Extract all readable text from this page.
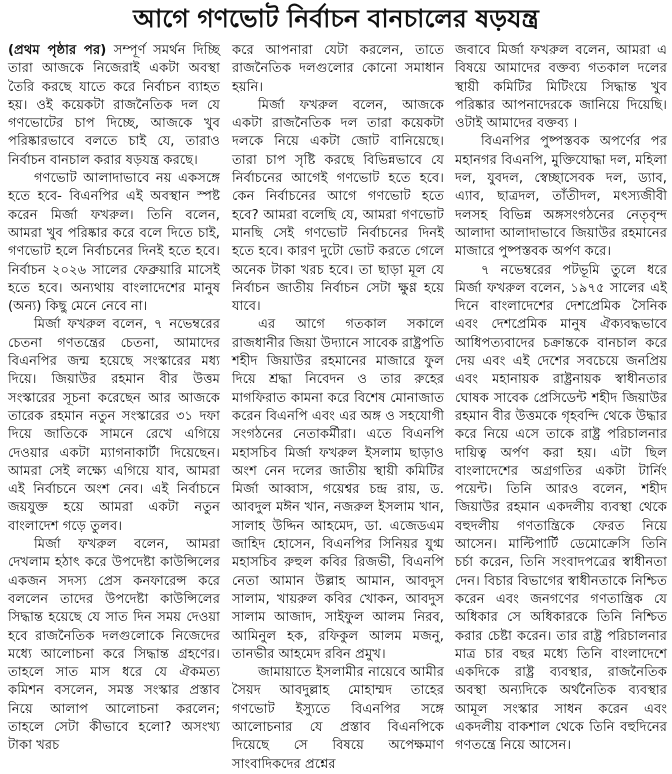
আগে গণভোট নির্বাচন বানচালের ষড়যন্ত্র

(প্রথম পৃষ্ঠার পর) সম্পূর্ণ সমর্থন দিচ্ছি তারা আজকে নিজেরাই একটা অবস্থা তৈরি করছে যাতে করে নির্বাচন ব্যাহত হয়। ওই কয়েকটা রাজনৈতিক দল যে গণভোটের চাপ দিচ্ছে, আজকে খুব পরিষ্কারভাবে বলতে চাই যে, তারাও নির্বাচন বানচাল করার ষড়যন্ত্র করছে।

গণভোট আলাদাভাবে নয় একসঙ্গে হতে হবে- বিএনপির এই অবস্থান স্পষ্ট করেন মির্জা ফখরুল। তিনি বলেন, আমরা খুব পরিষ্কার করে বলে দিতে চাই, গণভোট হলে নির্বাচনের দিনই হতে হবে। নির্বাচন ২০২৬ সালের ফেব্রুয়ারি মাসেই হতে হবে। অন্যথায় বাংলাদেশের মানুষ (অন্য) কিছু মেনে নেবে না।

মির্জা ফখরুল বলেন, ৭ নভেম্বরের চেতনা গণতন্ত্রের চেতনা, আমাদের বিএনপির জন্ম হয়েছে সংস্কারের মধ্য দিয়ে। জিয়াউর রহমান বীর উত্তম সংস্কারের সূচনা করেছেন আর আজকে তারেক রহমান নতুন সংস্কারের ৩১ দফা দিয়ে জাতিকে সামনে রেখে এগিয়ে দেওয়ার একটা ম্যাগনাকার্টা দিয়েছেন। আমরা সেই লক্ষ্যে এগিয়ে যাব, আমরা এই নির্বাচনে অংশ নেব। এই নির্বাচনে জয়যুক্ত হয়ে আমরা একটা নতুন বাংলাদেশ গড়ে তুলব।

মির্জা ফখরুল বলেন, আমরা দেখলাম হঠাৎ করে উপদেষ্টা কাউন্সিলের একজন সদস্য প্রেস কনফারেন্স করে বললেন তাদের উপদেষ্টা কাউন্সিলের সিদ্ধান্ত হয়েছে যে সাত দিন সময় দেওয়া হবে রাজনৈতিক দলগুলোকে নিজেদের মধ্যে আলোচনা করে সিদ্ধান্ত গ্রহণের। তাহলে সাত মাস ধরে যে ঐকমত্য কমিশন বসলেন, সমস্ত সংস্কার প্রস্তাব নিয়ে আলাপ আলোচনা করলেন; তাহলে সেটা কীভাবে হলো? অসংখ্য টাকা খরচ

করে আপনারা যেটা করলেন, তাতে রাজনৈতিক দলগুলোর কোনো সমাধান হয়নি।

মির্জা ফখরুল বলেন, আজকে একটা রাজনৈতিক দল তারা কয়েকটা দলকে নিয়ে একটা জোট বানিয়েছে। তারা চাপ সৃষ্টি করছে বিভিন্নভাবে যে নির্বাচনের আগেই গণভোট হতে হবে। কেন নির্বাচনের আগে গণভোট হতে হবে? আমরা বলেছি যে, আমরা গণভোট মানছি সেই গণভোট নির্বাচনের দিনই হতে হবে। কারণ দুটো ভোট করতে গেলে অনেক টাকা খরচ হবে। তা ছাড়া মূল যে নির্বাচন জাতীয় নির্বাচন সেটা ক্ষুণ্ণ হয়ে যাবে।

এর আগে গতকাল সকালে রাজধানীর জিয়া উদ্যানে সাবেক রাষ্ট্রপতি শহীদ জিয়াউর রহমানের মাজারে ফুল দিয়ে শ্রদ্ধা নিবেদন ও তার রুহের মাগফিরাত কামনা করে বিশেষ মোনাজাত করেন বিএনপি এবং এর অঙ্গ ও সহযোগী সংগঠনের নেতাকর্মীরা। এতে বিএনপি মহাসচিব মির্জা ফখরুল ইসলাম ছাড়াও অংশ নেন দলের জাতীয় স্থায়ী কমিটির মির্জা আব্বাস, গয়েশ্বর চন্দ্র রায়, ড. আবদুল মঈন খান, নজরুল ইসলাম খান, সালাহ উদ্দিন আহমেদ, ডা. এজেডএম জাহিদ হোসেন, বিএনপির সিনিয়র যুগ্ম মহাসচিব রুহুল কবির রিজভী, বিএনপি নেতা আমান উল্লাহ আমান, আবদুস সালাম, খায়রুল কবির খোকন, আবদুস সালাম আজাদ, সাইফুল আলম নিরব, আমিনুল হক, রফিকুল আলম মজনু, তানভীর আহমেদ রবিন প্রমুখ।

জামায়াতে ইসলামীর নায়েবে আমীর সৈয়দ আবদুল্লাহ মোহাম্মদ তাহের গণভোট ইস্যুতে বিএনপির সঙ্গে আলোচনার যে প্রস্তাব বিএনপিকে দিয়েছে সে বিষয়ে অপেক্ষমাণ সাংবাদিকদের প্রশ্নের

জবাবে মির্জা ফখরুল বলেন, আমরা এ বিষয়ে আমাদের বক্তব্য গতকাল দলের স্থায়ী কমিটির মিটিংয়ে সিদ্ধান্ত খুব পরিষ্কার আপনাদেরকে জানিয়ে দিয়েছি। ওটাই আমাদের বক্তব্য ।

বিএনপির পুষ্পস্তবক অপর্ণের পর মহানগর বিএনপি, মুক্তিযোদ্ধা দল, মহিলা দল, যুবদল, স্বেচ্ছাসেবক দল, ড্যাব, এ্যাব, ছাত্রদল, তাঁতীদল, মৎস্যজীবী দলসহ বিভিন্ন অঙ্গসংগঠনের নেতৃবৃন্দ আলাদা আলাদাভাবে জিয়াউর রহমানের মাজারে পুষ্পস্তবক অর্পণ করে।

৭ নভেম্বরের পটভূমি তুলে ধরে মির্জা ফখরুল বলেন, ১৯৭৫ সালের এই দিনে বাংলাদেশের দেশপ্রেমিক সৈনিক এবং দেশপ্রেমিক মানুষ ঐক্যবদ্ধভাবে আধিপত্যবাদের চক্রান্তকে বানচাল করে দেয় এবং এই দেশের সবচেয়ে জনপ্রিয় এবং মহানায়ক রাষ্ট্রনায়ক স্বাধীনতার ঘোষক সাবেক প্রেসিডেন্ট শহীদ জিয়াউর রহমান বীর উত্তমকে গৃহবন্দি থেকে উদ্ধার করে নিয়ে এসে তাকে রাষ্ট্র পরিচালনার দায়িত্ব অর্পণ করা হয়। এটা ছিল বাংলাদেশের অগ্রগতির একটা টার্নিং পয়েন্ট। তিনি আরও বলেন, শহীদ জিয়াউর রহমান একদলীয় ব্যবস্থা থেকে বহুদলীয় গণতান্ত্রিকে ফেরত নিয়ে আসেন। মাল্টিপার্টি ডেমোক্রেসি তিনি চর্চা করেন, তিনি সংবাদপত্রের স্বাধীনতা দেন। বিচার বিভাগের স্বাধীনতাকে নিশ্চিত করেন এবং জনগণের গণতান্ত্রিক যে অধিকার সে অধিকারকে তিনি নিশ্চিত করার চেষ্টা করেন। তার রাষ্ট্র পরিচালনার মাত্র চার বছর মধ্যে তিনি বাংলাদেশে একদিকে রাষ্ট্র ব্যবস্থার, রাজনৈতিক অবস্থা অন্যদিকে অর্থনৈতিক ব্যবস্থার আমূল সংস্কার সাধন করেন এবং একদলীয় বাকশাল থেকে তিনি বহুদিনের গণতন্ত্রে নিয়ে আসেন।
